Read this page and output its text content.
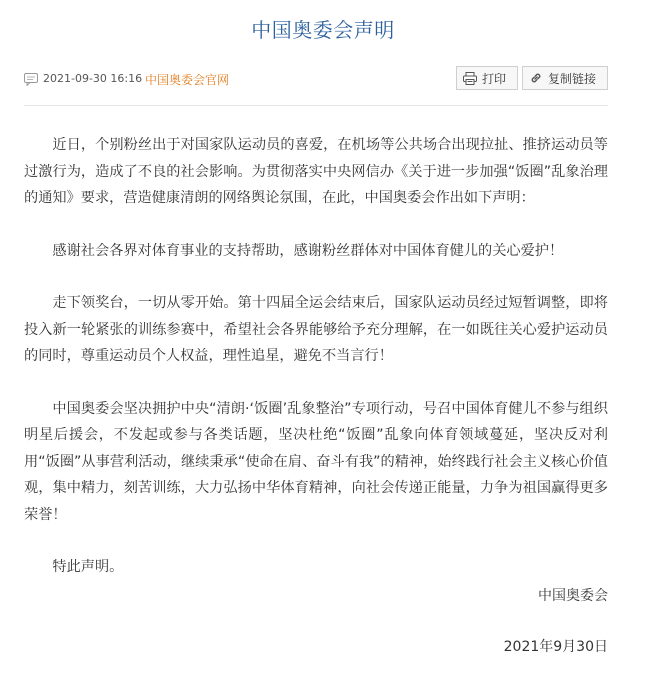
中国奥委会声明
2021-09-30 16:16 中国奥委会官网	打印	复制链接

近日，个别粉丝出于对国家队运动员的喜爱，在机场等公共场合出现拉扯、推挤运动员等过激行为，造成了不良的社会影响。为贯彻落实中央网信办《关于进一步加强“饭圈”乱象治理的通知》要求，营造健康清朗的网络舆论氛围，在此，中国奥委会作出如下声明：

感谢社会各界对体育事业的支持帮助，感谢粉丝群体对中国体育健儿的关心爱护！

走下领奖台，一切从零开始。第十四届全运会结束后，国家队运动员经过短暂调整，即将投入新一轮紧张的训练参赛中，希望社会各界能够给予充分理解，在一如既往关心爱护运动员的同时，尊重运动员个人权益，理性追星，避免不当言行！

中国奥委会坚决拥护中央“清朗·‘饭圈’乱象整治”专项行动，号召中国体育健儿不参与组织明星后援会，不发起或参与各类话题，坚决杜绝“饭圈”乱象向体育领域蔓延，坚决反对利用“饭圈”从事营利活动，继续秉承“使命在肩、奋斗有我”的精神，始终践行社会主义核心价值观，集中精力，刻苦训练，大力弘扬中华体育精神，向社会传递正能量，力争为祖国赢得更多荣誉！

特此声明。

中国奥委会
2021年9月30日
